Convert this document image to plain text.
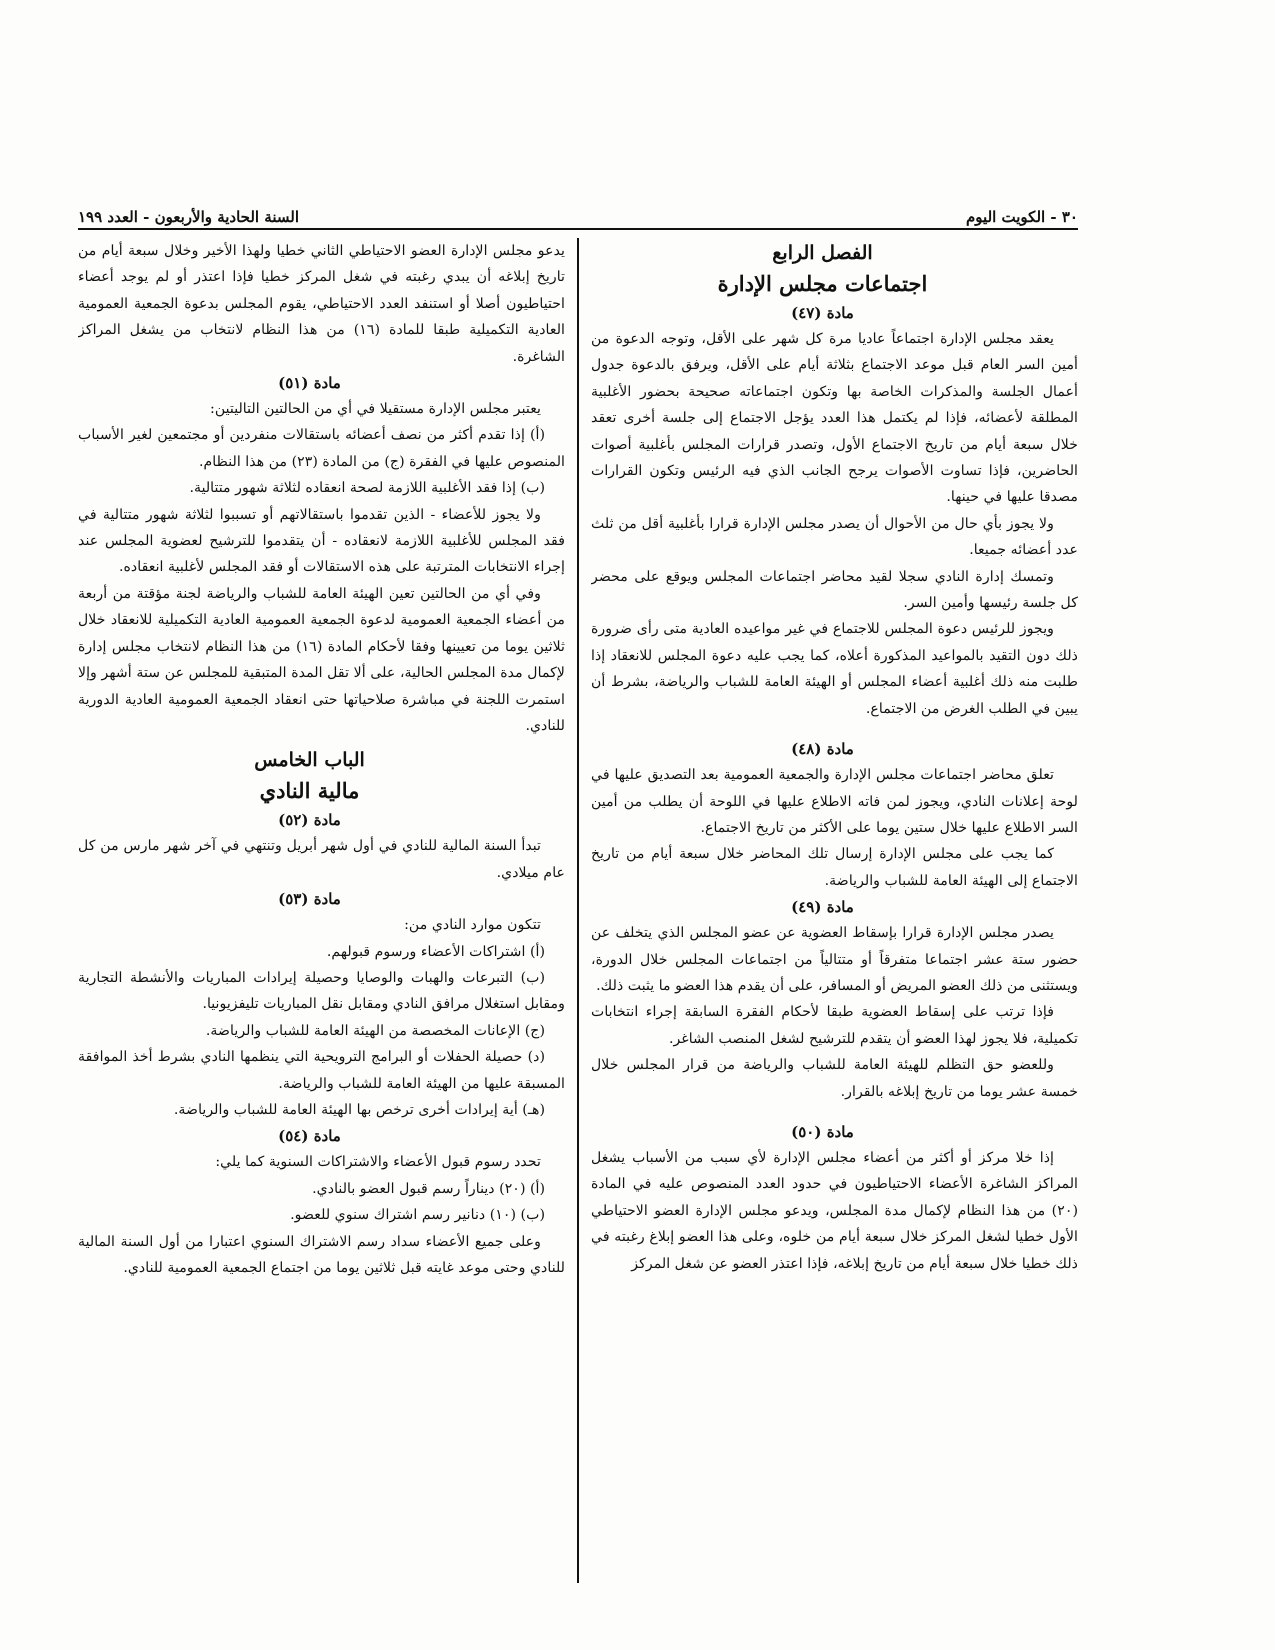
٣٠ - الكويت اليوم
السنة الحادية والأربعون - العدد ١٩٩

الفصل الرابع

اجتماعات مجلس الإدارة

مادة (٤٧)

يعقد مجلس الإدارة اجتماعاً عاديا مرة كل شهر على الأقل، وتوجه الدعوة من أمين السر العام قبل موعد الاجتماع بثلاثة أيام على الأقل، ويرفق بالدعوة جدول أعمال الجلسة والمذكرات الخاصة بها وتكون اجتماعاته صحيحة بحضور الأغلبية المطلقة لأعضائه، فإذا لم يكتمل هذا العدد يؤجل الاجتماع إلى جلسة أخرى تعقد خلال سبعة أيام من تاريخ الاجتماع الأول، وتصدر قرارات المجلس بأغلبية أصوات الحاضرين، فإذا تساوت الأصوات يرجح الجانب الذي فيه الرئيس وتكون القرارات مصدقا عليها في حينها.

ولا يجوز بأي حال من الأحوال أن يصدر مجلس الإدارة قرارا بأغلبية أقل من ثلث عدد أعضائه جميعا.

وتمسك إدارة النادي سجلا لقيد محاضر اجتماعات المجلس ويوقع على محضر كل جلسة رئيسها وأمين السر.

ويجوز للرئيس دعوة المجلس للاجتماع في غير مواعيده العادية متى رأى ضرورة ذلك دون التقيد بالمواعيد المذكورة أعلاه، كما يجب عليه دعوة المجلس للانعقاد إذا طلبت منه ذلك أغلبية أعضاء المجلس أو الهيئة العامة للشباب والرياضة، بشرط أن يبين في الطلب الغرض من الاجتماع.

مادة (٤٨)

تعلق محاضر اجتماعات مجلس الإدارة والجمعية العمومية بعد التصديق عليها في لوحة إعلانات النادي، ويجوز لمن فاته الاطلاع عليها في اللوحة أن يطلب من أمين السر الاطلاع عليها خلال ستين يوما على الأكثر من تاريخ الاجتماع.

كما يجب على مجلس الإدارة إرسال تلك المحاضر خلال سبعة أيام من تاريخ الاجتماع إلى الهيئة العامة للشباب والرياضة.

مادة (٤٩)

يصدر مجلس الإدارة قرارا بإسقاط العضوية عن عضو المجلس الذي يتخلف عن حضور ستة عشر اجتماعا متفرقاً أو متتالياً من اجتماعات المجلس خلال الدورة، ويستثنى من ذلك العضو المريض أو المسافر، على أن يقدم هذا العضو ما يثبت ذلك.

فإذا ترتب على إسقاط العضوية طبقا لأحكام الفقرة السابقة إجراء انتخابات تكميلية، فلا يجوز لهذا العضو أن يتقدم للترشيح لشغل المنصب الشاغر.

وللعضو حق التظلم للهيئة العامة للشباب والرياضة من قرار المجلس خلال خمسة عشر يوما من تاريخ إبلاغه بالقرار.

مادة (٥٠)

إذا خلا مركز أو أكثر من أعضاء مجلس الإدارة لأي سبب من الأسباب يشغل المراكز الشاغرة الأعضاء الاحتياطيون في حدود العدد المنصوص عليه في المادة (٢٠) من هذا النظام لإكمال مدة المجلس، ويدعو مجلس الإدارة العضو الاحتياطي الأول خطيا لشغل المركز خلال سبعة أيام من خلوه، وعلى هذا العضو إبلاغ رغبته في ذلك خطيا خلال سبعة أيام من تاريخ إبلاغه، فإذا اعتذر العضو عن شغل المركز

يدعو مجلس الإدارة العضو الاحتياطي الثاني خطيا ولهذا الأخير وخلال سبعة أيام من تاريخ إبلاغه أن يبدي رغبته في شغل المركز خطيا فإذا اعتذر أو لم يوجد أعضاء احتياطيون أصلا أو استنفد العدد الاحتياطي، يقوم المجلس بدعوة الجمعية العمومية العادية التكميلية طبقا للمادة (١٦) من هذا النظام لانتخاب من يشغل المراكز الشاغرة.

مادة (٥١)

يعتبر مجلس الإدارة مستقيلا في أي من الحالتين التاليتين:

(أ) إذا تقدم أكثر من نصف أعضائه باستقالات منفردين أو مجتمعين لغير الأسباب المنصوص عليها في الفقرة (ج) من المادة (٢٣) من هذا النظام.

(ب) إذا فقد الأغلبية اللازمة لصحة انعقاده لثلاثة شهور متتالية.

ولا يجوز للأعضاء - الذين تقدموا باستقالاتهم أو تسببوا لثلاثة شهور متتالية في فقد المجلس للأغلبية اللازمة لانعقاده - أن يتقدموا للترشيح لعضوية المجلس عند إجراء الانتخابات المترتبة على هذه الاستقالات أو فقد المجلس لأغلبية انعقاده.

وفي أي من الحالتين تعين الهيئة العامة للشباب والرياضة لجنة مؤقتة من أربعة من أعضاء الجمعية العمومية لدعوة الجمعية العمومية العادية التكميلية للانعقاد خلال ثلاثين يوما من تعيينها وفقا لأحكام المادة (١٦) من هذا النظام لانتخاب مجلس إدارة لإكمال مدة المجلس الحالية، على ألا تقل المدة المتبقية للمجلس عن ستة أشهر وإلا استمرت اللجنة في مباشرة صلاحياتها حتى انعقاد الجمعية العمومية العادية الدورية للنادي.

الباب الخامس

مالية النادي

مادة (٥٢)

تبدأ السنة المالية للنادي في أول شهر أبريل وتنتهي في آخر شهر مارس من كل عام ميلادي.

مادة (٥٣)

تتكون موارد النادي من:

(أ) اشتراكات الأعضاء ورسوم قبولهم.

(ب) التبرعات والهبات والوصايا وحصيلة إيرادات المباريات والأنشطة التجارية ومقابل استغلال مرافق النادي ومقابل نقل المباريات تليفزيونيا.

(ج) الإعانات المخصصة من الهيئة العامة للشباب والرياضة.

(د) حصيلة الحفلات أو البرامج الترويحية التي ينظمها النادي بشرط أخذ الموافقة المسبقة عليها من الهيئة العامة للشباب والرياضة.

(هـ) أية إيرادات أخرى ترخص بها الهيئة العامة للشباب والرياضة.

مادة (٥٤)

تحدد رسوم قبول الأعضاء والاشتراكات السنوية كما يلي:

(أ) (٢٠) ديناراً رسم قبول العضو بالنادي.

(ب) (١٠) دنانير رسم اشتراك سنوي للعضو.

وعلى جميع الأعضاء سداد رسم الاشتراك السنوي اعتبارا من أول السنة المالية للنادي وحتى موعد غايته قبل ثلاثين يوما من اجتماع الجمعية العمومية للنادي.
